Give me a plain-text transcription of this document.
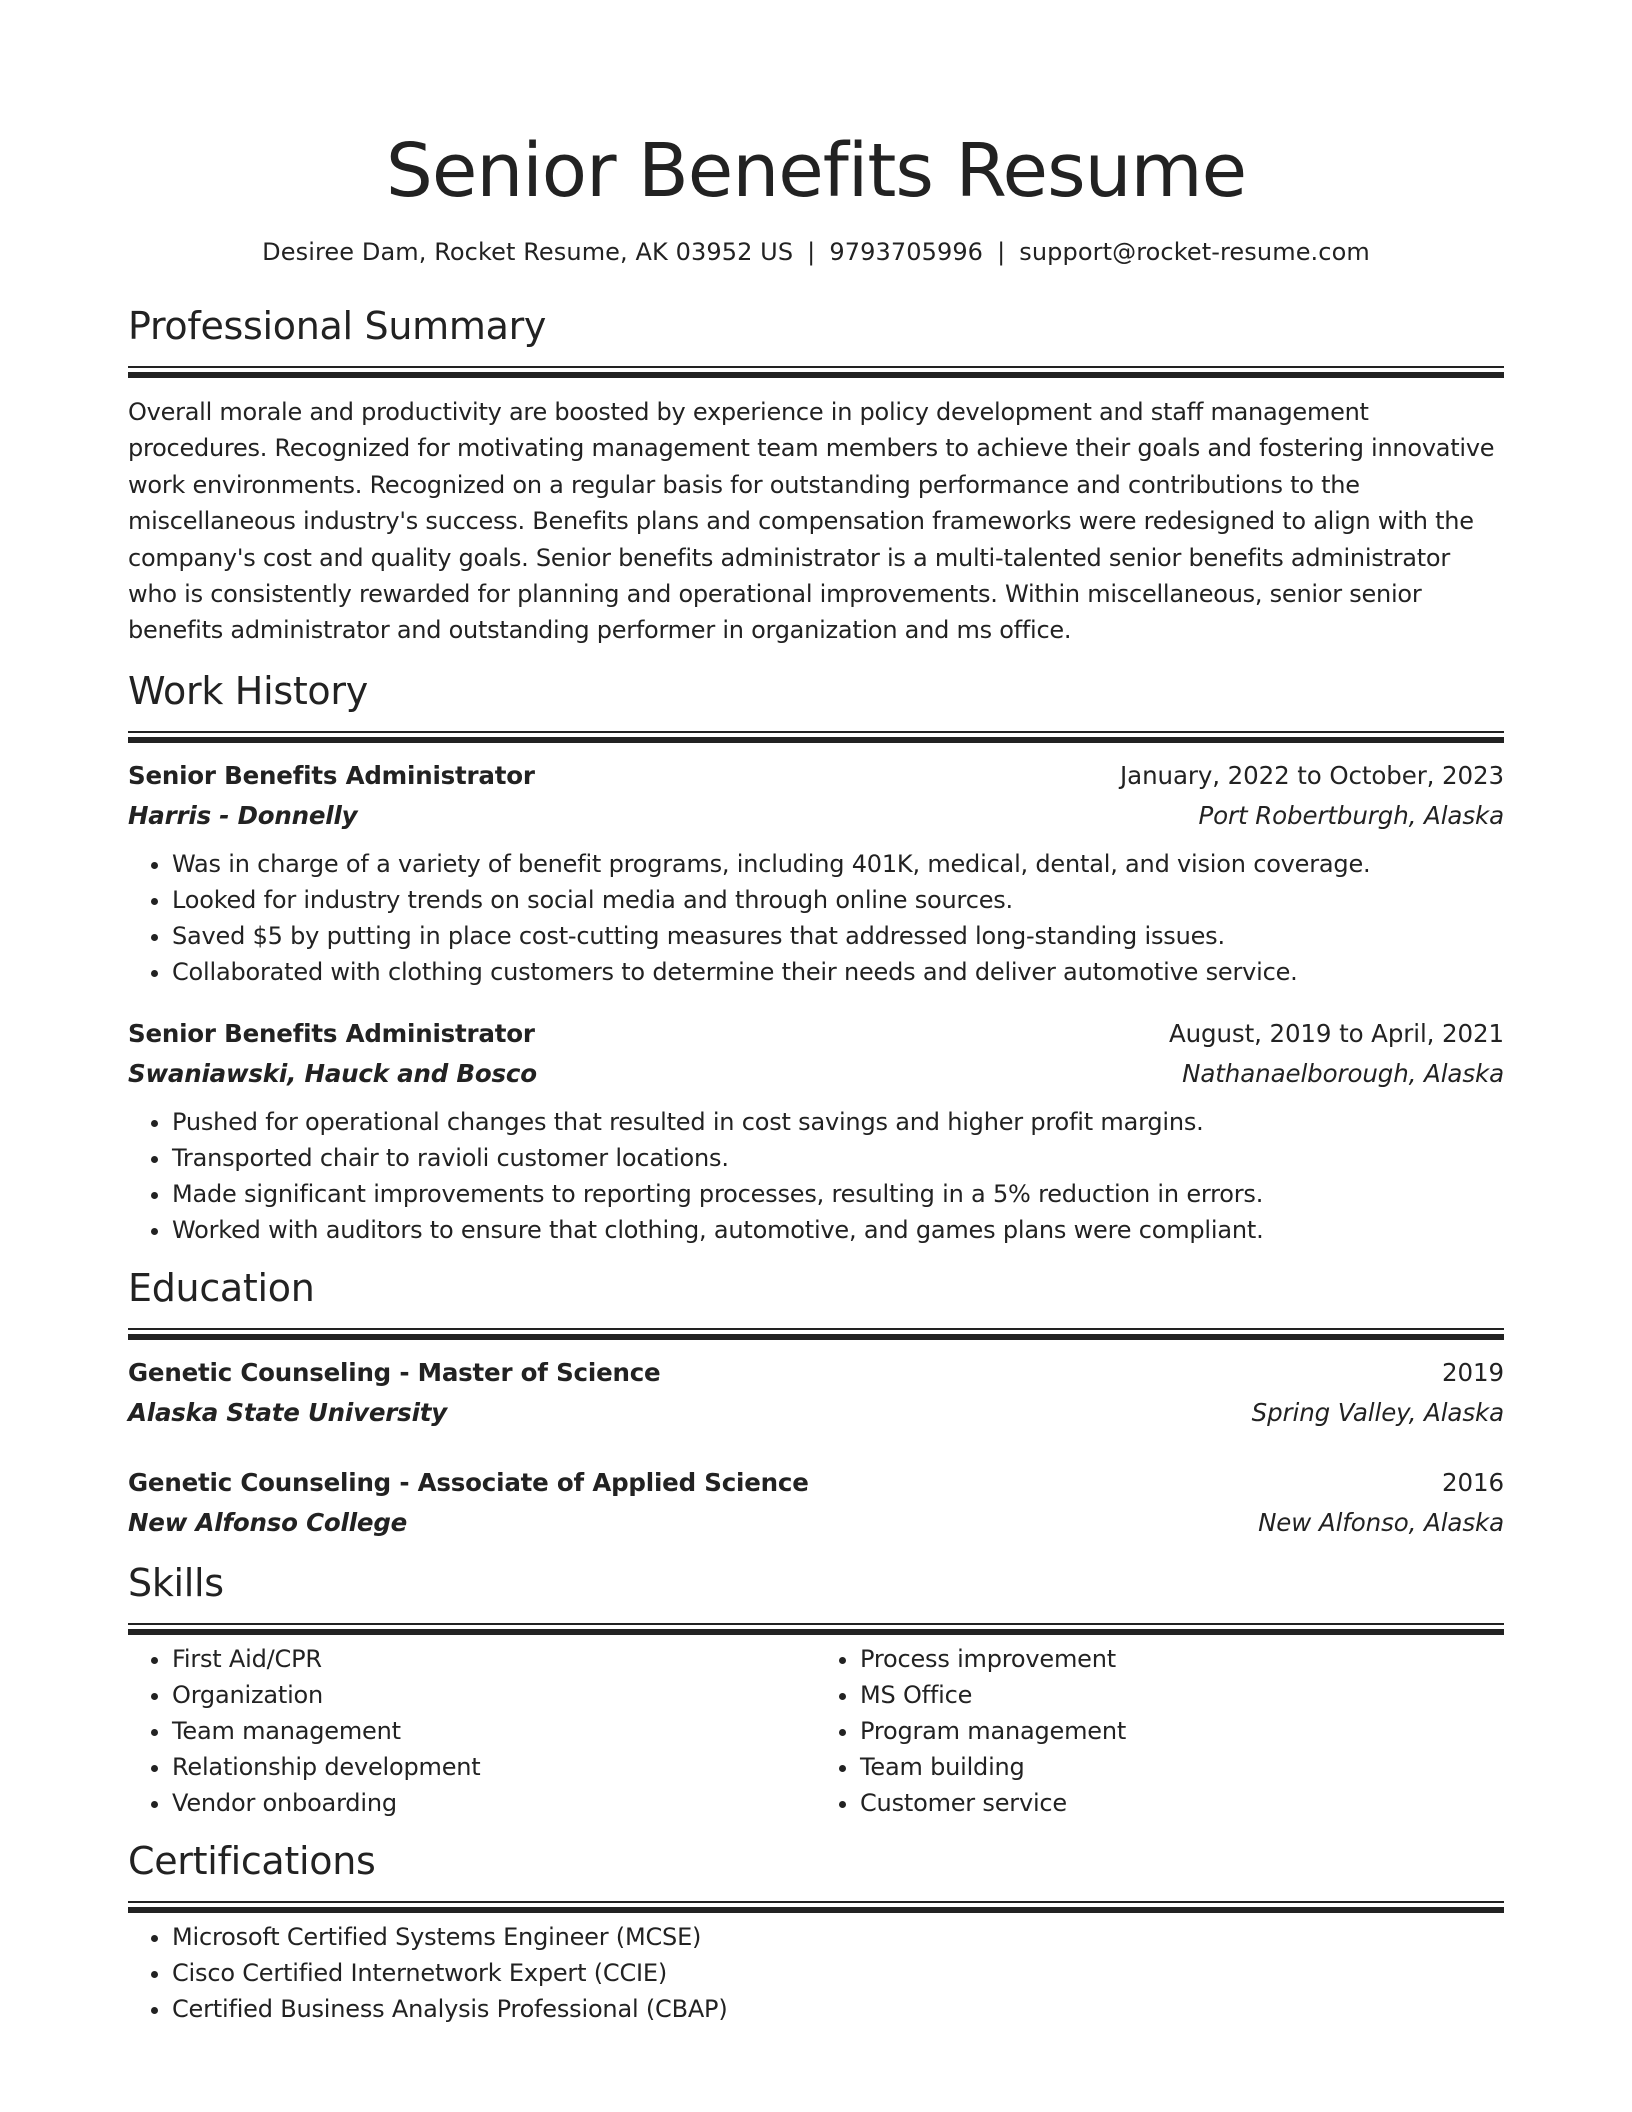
Senior Benefits Resume
Desiree Dam, Rocket Resume, AK 03952 US | 9793705996 | support@rocket-resume.com
Professional Summary

Overall morale and productivity are boosted by experience in policy development and staff management procedures. Recognized for motivating management team members to achieve their goals and fostering innovative work environments. Recognized on a regular basis for outstanding performance and contributions to the miscellaneous industry's success. Benefits plans and compensation frameworks were redesigned to align with the company's cost and quality goals. Senior benefits administrator is a multi-talented senior benefits administrator who is consistently rewarded for planning and operational improvements. Within miscellaneous, senior senior benefits administrator and outstanding performer in organization and ms office.

Work History
Senior Benefits Administrator	January, 2022 to October, 2023
Harris - Donnelly	Port Robertburgh, Alaska
• Was in charge of a variety of benefit programs, including 401K, medical, dental, and vision coverage.
• Looked for industry trends on social media and through online sources.
• Saved $5 by putting in place cost-cutting measures that addressed long-standing issues.
• Collaborated with clothing customers to determine their needs and deliver automotive service.
Senior Benefits Administrator	August, 2019 to April, 2021
Swaniawski, Hauck and Bosco	Nathanaelborough, Alaska
• Pushed for operational changes that resulted in cost savings and higher profit margins.
• Transported chair to ravioli customer locations.
• Made significant improvements to reporting processes, resulting in a 5% reduction in errors.
• Worked with auditors to ensure that clothing, automotive, and games plans were compliant.
Education
Genetic Counseling - Master of Science	2019
Alaska State University	Spring Valley, Alaska
Genetic Counseling - Associate of Applied Science	2016
New Alfonso College	New Alfonso, Alaska
Skills
• First Aid/CPR
• Organization
• Team management
• Relationship development
• Vendor onboarding
• Process improvement
• MS Office
• Program management
• Team building
• Customer service
Certifications
• Microsoft Certified Systems Engineer (MCSE)
• Cisco Certified Internetwork Expert (CCIE)
• Certified Business Analysis Professional (CBAP)
